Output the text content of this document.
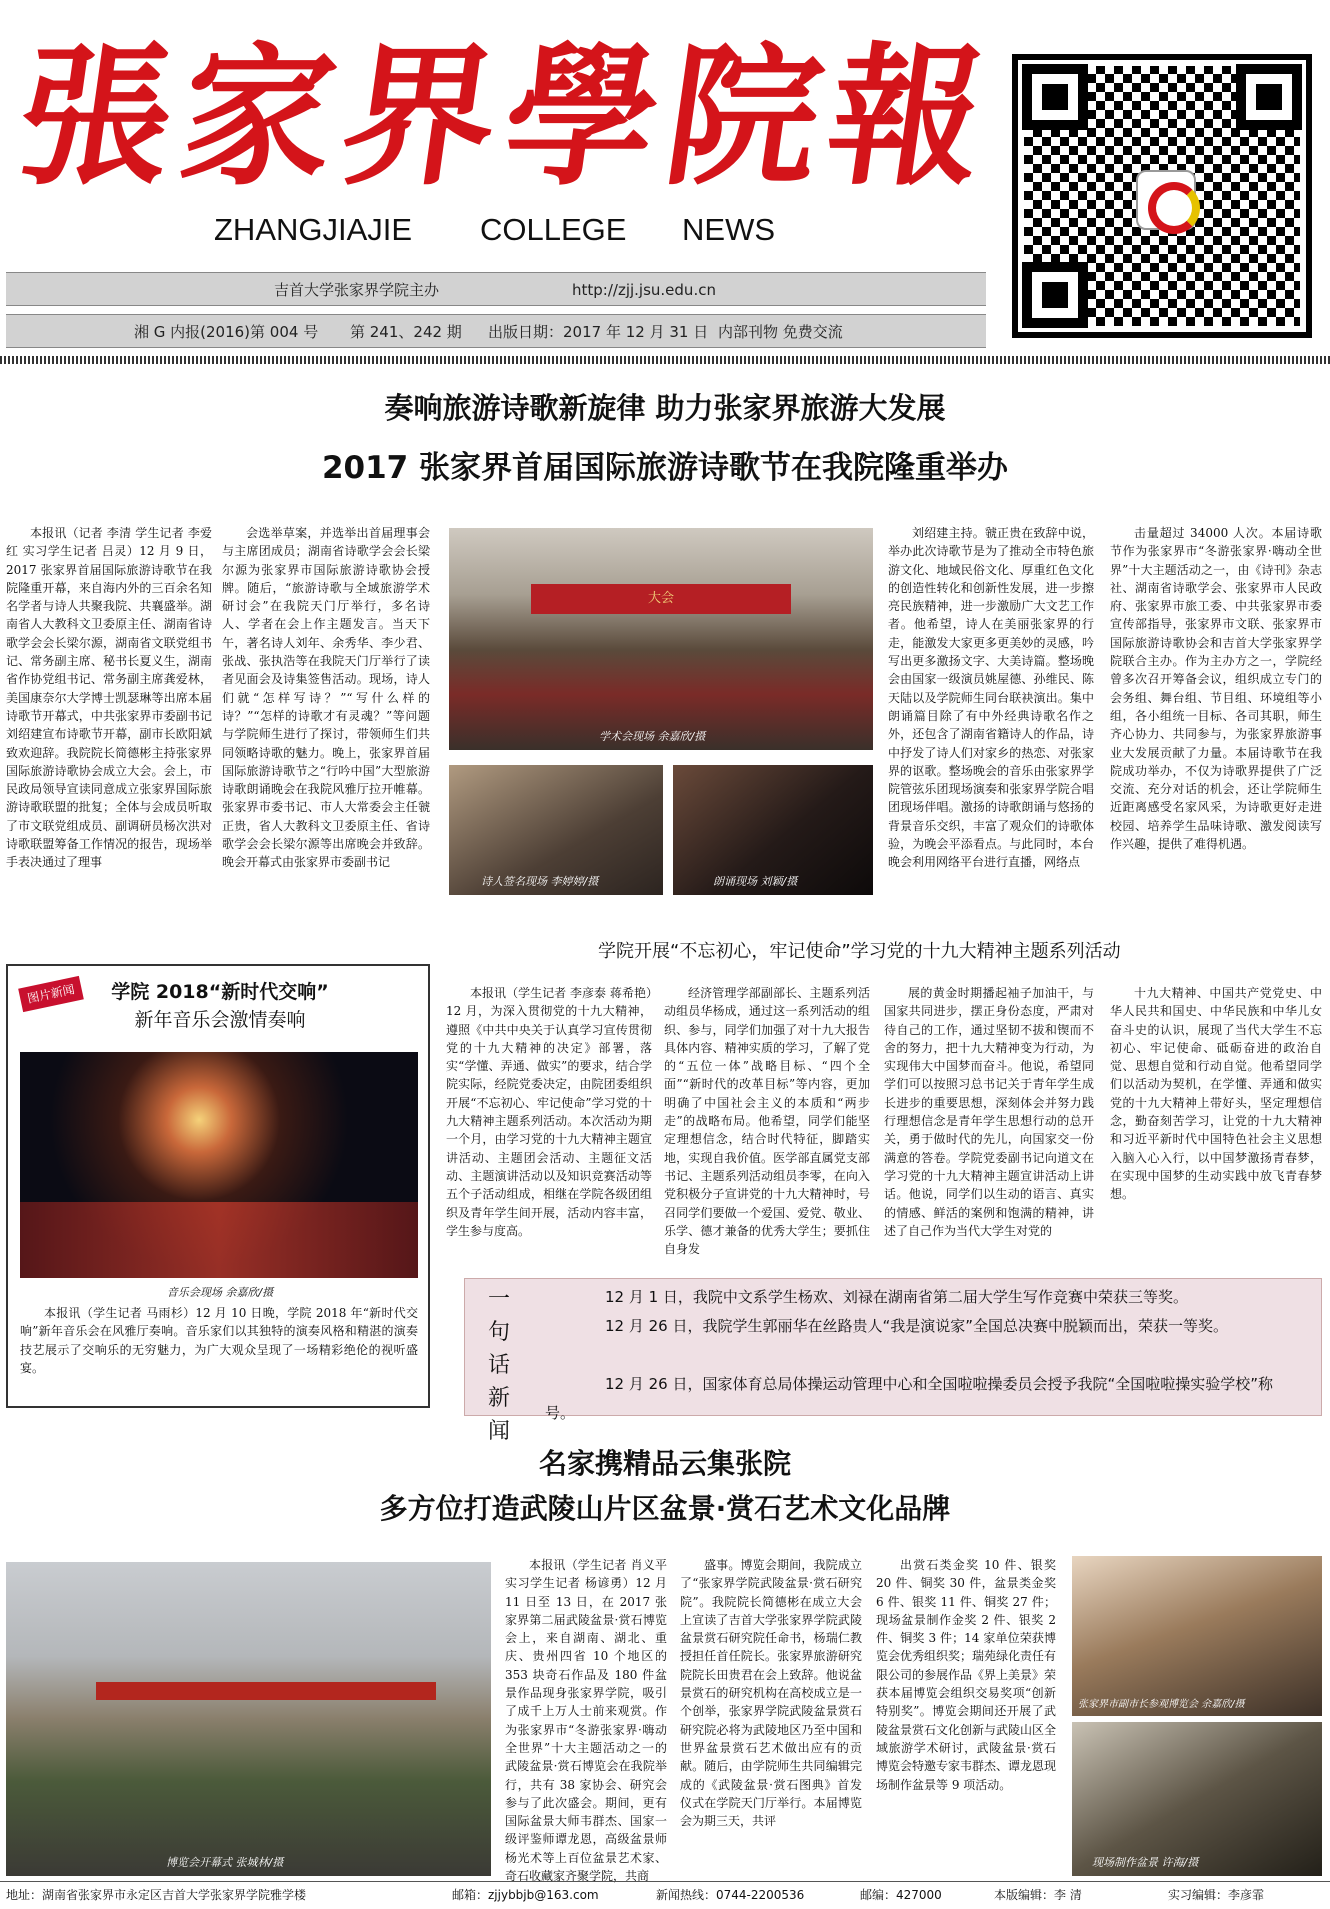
張家界學院報
ZHANGJIAJIE COLLEGE NEWS
吉首大学张家界学院主办	http://zjj.jsu.edu.cn
湘 G 内报(2016)第 004 号 第 241、242 期 出版日期：2017 年 12 月 31 日 内部刊物 免费交流
奏响旅游诗歌新旋律 助力张家界旅游大发展
2017 张家界首届国际旅游诗歌节在我院隆重举办

本报讯（记者 李清 学生记者 李爱红 实习学生记者 吕灵）12 月 9 日，2017 张家界首届国际旅游诗歌节在我院隆重开幕，来自海内外的三百余名知名学者与诗人共聚我院、共襄盛举。湖南省人大教科文卫委原主任、湖南省诗歌学会会长梁尔源，湖南省文联党组书记、常务副主席、秘书长夏义生，湖南省作协党组书记、常务副主席龚爱林，美国康奈尔大学博士凯瑟琳等出席本届诗歌节开幕式，中共张家界市委副书记刘绍建宣布诗歌节开幕，副市长欧阳斌致欢迎辞。我院院长简德彬主持张家界国际旅游诗歌协会成立大会。会上，市民政局领导宣读同意成立张家界国际旅游诗歌联盟的批复；全体与会成员听取了市文联党组成员、副调研员杨次洪对诗歌联盟筹备工作情况的报告，现场举手表决通过了理事

会选举草案，并选举出首届理事会与主席团成员；湖南省诗歌学会会长梁尔源为张家界市国际旅游诗歌协会授牌。随后，“旅游诗歌与全域旅游学术研讨会”在我院天门厅举行，多名诗人、学者在会上作主题发言。当天下午，著名诗人刘年、余秀华、李少君、张战、张执浩等在我院天门厅举行了读者见面会及诗集签售活动。现场，诗人们就“怎样写诗？”“写什么样的诗？”“怎样的诗歌才有灵魂？”等问题与学院师生进行了探讨，带领师生们共同领略诗歌的魅力。晚上，张家界首届国际旅游诗歌节之“行吟中国”大型旅游诗歌朗诵晚会在我院风雅厅拉开帷幕。张家界市委书记、市人大常委会主任虢正贵，省人大教科文卫委原主任、省诗歌学会会长梁尔源等出席晚会并致辞。晚会开幕式由张家界市委副书记

大会
学术会现场 余嘉欣/摄
诗人签名现场 李婷婷/摄	朗诵现场 刘颖/摄

刘绍建主持。虢正贵在致辞中说，举办此次诗歌节是为了推动全市特色旅游文化、地域民俗文化、厚重红色文化的创造性转化和创新性发展，进一步擦亮民族精神，进一步激励广大文艺工作者。他希望，诗人在美丽张家界的行走，能激发大家更多更美妙的灵感，吟写出更多激扬文字、大美诗篇。整场晚会由国家一级演员姚屋德、孙维民、陈天陆以及学院师生同台联袂演出。集中朗诵篇目除了有中外经典诗歌名作之外，还包含了湖南省籍诗人的作品，诗中抒发了诗人们对家乡的热恋、对张家界的讴歌。整场晚会的音乐由张家界学院管弦乐团现场演奏和张家界学院合唱团现场伴唱。激扬的诗歌朗诵与悠扬的背景音乐交织，丰富了观众们的诗歌体验，为晚会平添看点。与此同时，本台晚会利用网络平台进行直播，网络点

击量超过 34000 人次。本届诗歌节作为张家界市“冬游张家界·嗨动全世界”十大主题活动之一，由《诗刊》杂志社、湖南省诗歌学会、张家界市人民政府、张家界市旅工委、中共张家界市委宣传部指导，张家界市文联、张家界市国际旅游诗歌协会和吉首大学张家界学院联合主办。作为主办方之一，学院经曾多次召开筹备会议，组织成立专门的会务组、舞台组、节目组、环境组等小组，各小组统一目标、各司其职，师生齐心协力、共同参与，为张家界旅游事业大发展贡献了力量。本届诗歌节在我院成功举办，不仅为诗歌界提供了广泛交流、充分对话的机会，还让学院师生近距离感受名家风采，为诗歌更好走进校园、培养学生品味诗歌、激发阅读写作兴趣，提供了难得机遇。

图片新闻	学院 2018“新时代交响”
新年音乐会激情奏响
音乐会现场 余嘉欣/摄

本报讯（学生记者 马雨杉）12 月 10 日晚，学院 2018 年“新时代交响”新年音乐会在风雅厅奏响。音乐家们以其独特的演奏风格和精湛的演奏技艺展示了交响乐的无穷魅力，为广大观众呈现了一场精彩绝伦的视听盛宴。

学院开展“不忘初心，牢记使命”学习党的十九大精神主题系列活动

本报讯（学生记者 李彦泰 蒋希艳）12 月，为深入贯彻党的十九大精神，遵照《中共中央关于认真学习宣传贯彻党的十九大精神的决定》部署，落实“学懂、弄通、做实”的要求，结合学院实际，经院党委决定，由院团委组织开展“不忘初心、牢记使命”学习党的十九大精神主题系列活动。本次活动为期一个月，由学习党的十九大精神主题宣讲活动、主题团会活动、主题征文活动、主题演讲活动以及知识竞赛活动等五个子活动组成，相继在学院各级团组织及青年学生间开展，活动内容丰富，学生参与度高。

经济管理学部副部长、主题系列活动组员华杨成，通过这一系列活动的组织、参与，同学们加强了对十九大报告具体内容、精神实质的学习，了解了党的“五位一体”战略目标、“四个全面”“新时代的改革目标”等内容，更加明确了中国社会主义的本质和“两步走”的战略布局。他希望，同学们能坚定理想信念，结合时代特征，脚踏实地，实现自我价值。医学部直属党支部书记、主题系列活动组员李零，在向入党积极分子宣讲党的十九大精神时，号召同学们要做一个爱国、爱党、敬业、乐学、德才兼备的优秀大学生；要抓住自身发

展的黄金时期播起袖子加油干，与国家共同进步，摆正身份态度，严肃对待自己的工作，通过坚韧不拔和锲而不舍的努力，把十九大精神变为行动，为实现伟大中国梦而奋斗。他说，希望同学们可以按照习总书记关于青年学生成长进步的重要思想，深刻体会并努力践行理想信念是青年学生思想行动的总开关，勇于做时代的先儿，向国家交一份满意的答卷。学院党委副书记向道文在学习党的十九大精神主题宣讲活动上讲话。他说，同学们以生动的语言、真实的情感、鲜活的案例和饱满的精神，讲述了自己作为当代大学生对党的

十九大精神、中国共产党党史、中华人民共和国史、中华民族和中华儿女奋斗史的认识，展现了当代大学生不忘初心、牢记使命、砥砺奋进的政治自觉、思想自觉和行动自觉。他希望同学们以活动为契机，在学懂、弄通和做实党的十九大精神上带好头，坚定理想信念，勤奋刻苦学习，让党的十九大精神和习近平新时代中国特色社会主义思想入脑入心入行，以中国梦激扬青春梦，在实现中国梦的生动实践中放飞青春梦想。

一句话新闻
12 月 1 日，我院中文系学生杨欢、刘禄在湖南省第二届大学生写作竞赛中荣获三等奖。
12 月 26 日，我院学生郭丽华在丝路贵人“我是演说家”全国总决赛中脱颖而出，荣获一等奖。
12 月 26 日，国家体育总局体操运动管理中心和全国啦啦操委员会授予我院“全国啦啦操实验学校”称号。
名家携精品云集张院
多方位打造武陵山片区盆景·赏石艺术文化品牌
博览会开幕式 张城林/摄

本报讯（学生记者 肖义平 实习学生记者 杨谚勇）12 月 11 日至 13 日，在 2017 张家界第二届武陵盆景·赏石博览会上，来自湖南、湖北、重庆、贵州四省 10 个地区的 353 块奇石作品及 180 件盆景作品现身张家界学院，吸引了成千上万人士前来观赏。作为张家界市“冬游张家界·嗨动全世界”十大主题活动之一的武陵盆景·赏石博览会在我院举行，共有 38 家协会、研究会参与了此次盛会。期间，更有国际盆景大师韦群杰、国家一级评鉴师谭龙恩，高级盆景师杨光术等上百位盆景艺术家、奇石收藏家齐聚学院，共商

盛事。博览会期间，我院成立了“张家界学院武陵盆景·赏石研究院”。我院院长简德彬在成立大会上宣读了吉首大学张家界学院武陵盆景赏石研究院任命书，杨瑞仁教授担任首任院长。张家界旅游研究院院长田贵君在会上致辞。他说盆景赏石的研究机构在高校成立是一个创举，张家界学院武陵盆景赏石研究院必将为武陵地区乃至中国和世界盆景赏石艺术做出应有的贡献。随后，由学院师生共同编辑完成的《武陵盆景·赏石图典》首发仪式在学院天门厅举行。本届博览会为期三天，共评

出赏石类金奖 10 件、银奖 20 件、铜奖 30 件，盆景类金奖 6 件、银奖 11 件、铜奖 27 件；现场盆景制作金奖 2 件、银奖 2 件、铜奖 3 件；14 家单位荣获博览会优秀组织奖；瑞苑绿化责任有限公司的参展作品《界上美景》荣获本届博览会组织交易奖项“创新特别奖”。博览会期间还开展了武陵盆景赏石文化创新与武陵山区全域旅游学术研讨，武陵盆景·赏石博览会特邀专家韦群杰、谭龙恩现场制作盆景等 9 项活动。

张家界市副市长参观博览会 余嘉欣/摄
现场制作盆景 许海/摄
地址：湖南省张家界市永定区吉首大学张家界学院雅学楼	邮箱：zjjybbjb@163.com	新闻热线：0744-2200536	邮编：427000	本版编辑：李 清	实习编辑：李彦霏
